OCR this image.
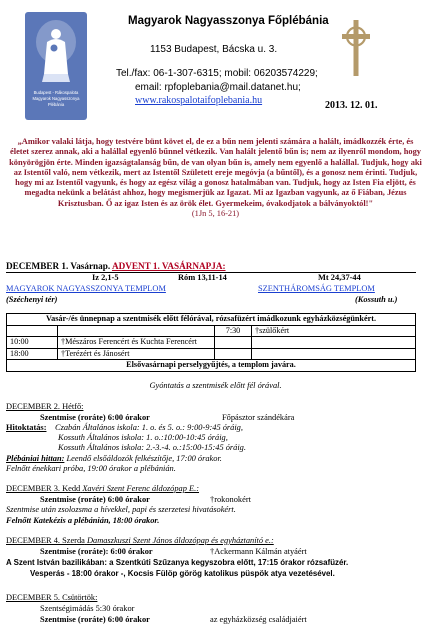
Budapest - Rákospalota
Magyarok Nagyasszonya
Plébánia
Magyarok Nagyasszonya Főplébánia
1153 Budapest, Bácska u. 3.
Tel./fax: 06-1-307-6315; mobil: 06203574229;
email: rpfoplebania@mail.datanet.hu;
www.rakospalotaifoplebania.hu	2013. 12. 01.
„Amikor valaki látja, hogy testvére bünt követ el, de ez a bűn nem jelenti számára a halált, imádkozzék érte, és életet szerez annak, aki a halállal egyenlő bűnnel vétkezik. Van halált jelentő bűn is; nem az ilyenről mondom, hogy könyörögjön érte. Minden igazságtalanság bűn, de van olyan bűn is, amely nem egyenlő a halállal. Tudjuk, hogy aki az Istentől való, nem vétkezik, mert az Istentől Született ereje megóvja (a bűntől), és a gonosz nem érinti. Tudjuk, hogy mi az Istentől vagyunk, és hogy az egész világ a gonosz hatalmában van. Tudjuk, hogy az Isten Fia eljött, és megadta nekünk a belátást ahhoz, hogy megismerjük az Igazat. Mi az Igazban vagyunk, az ő Fiában, Jézus Krisztusban. Ő az igaz Isten és az örök élet. Gyermekeim, óvakodjatok a bálványoktól!"
(1Jn 5, 16-21)
DECEMBER 1. Vasárnap. ADVENT 1. VASÁRNAPJA:
Iz 2,1-5	Róm 13,11-14	Mt 24,37-44
MAGYAROK NAGYASSZONYA TEMPLOM	SZENTHÁROMSÁG TEMPLOM
(Széchenyi tér)	(Kossuth u.)
Vasár-/és ünnepnap a szentmisék előtt félórával, rózsafüzért imádkozunk egyházközségünkért.			
		7:30	†szülőkért
10:00	†Mészáros Ferencért és Kuchta Ferencért		
18:00	†Terézért és Jánosért		
Elsővasárnapi perselygyűjtés, a templom javára.			
Gyóntatás a szentmisék előtt fél órával.
DECEMBER 2. Hétfő:
Szentmise (roráte) 6:00 órakor	Főpásztor szándékára
Hitoktatás: Czabán Általános iskola: 1. o. és 5. o.: 9:00-9:45 óráig,
Kossuth Általános iskola: 1. o.:10:00-10:45 óráig,
Kossuth Általános iskola: 2.-3.-4. o.:15:00-15:45 óráig.
Plébániai hittan: Leendő elsőáldozók felkészítője, 17:00 órakor.
Felnőtt énekkari próba, 19:00 órakor a plébánián.
DECEMBER 3. Kedd Xavéri Szent Ferenc áldozópap E.:
Szentmise (roráte) 6:00 órakor	†rokonokért
Szentmise után zsolozsma a hívekkel, papi és szerzetesi hivatásokért.
Felnőtt Katekézis a plébánián, 18:00 órakor.
DECEMBER 4. Szerda Damaszkuszi Szent János áldozópap és egyháztanító e.:
Szentmise (roráte): 6:00 órakor	†Ackermann Kálmán atyáért
A Szent István bazilikában: a Szentkúti Szűzanya kegyszobra előtt, 17:15 órakor rózsafüzér.
Vesperás - 18:00 órakor -, Kocsis Fülöp görög katolikus püspök atya vezetésével.
DECEMBER 5. Csütörtök:
Szentségimádás 5:30 órakor
Szentmise (roráte) 6:00 órakor	az egyházközség családjaiért
